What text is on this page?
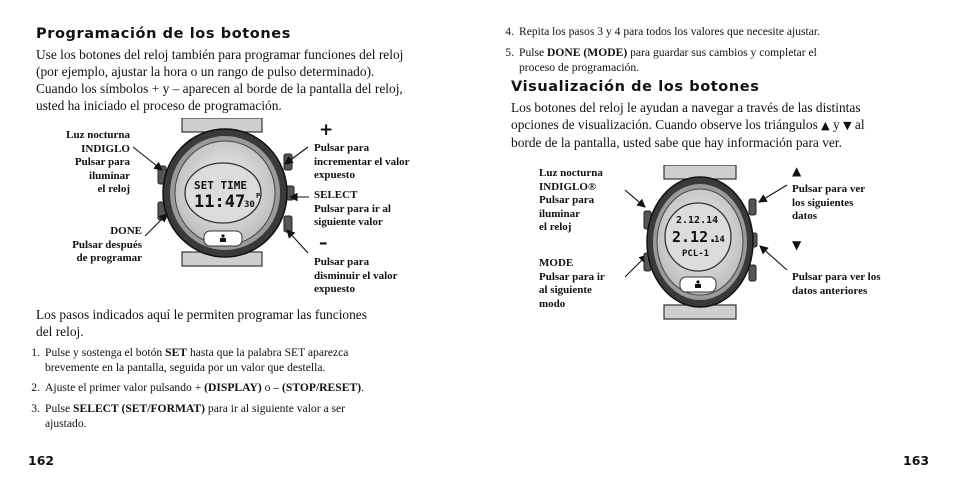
Programación de los botones
Use los botones del reloj también para programar funciones del reloj
(por ejemplo, ajustar la hora o un rango de pulso determinado).
Cuando los símbolos + y – aparecen al borde de la pantalla del reloj,
usted ha iniciado el proceso de programación.
Luz nocturna
INDIGLO
Pulsar para
iluminar
el reloj
DONE
Pulsar después
de programar
+
Pulsar para
incrementar el valor
expuesto
SELECT
Pulsar para ir al
siguiente valor
–
Pulsar para
disminuir el valor
expuesto
SET TIME
11:47
30
P
Los pasos indicados aquí le permiten programar las funciones
del reloj.
1. Pulse y sostenga el botón SET hasta que la palabra SET aparezca
brevemente en la pantalla, seguida por un valor que destella.
2. Ajuste el primer valor pulsando + (DISPLAY) o – (STOP/RESET).
3. Pulse SELECT (SET/FORMAT) para ir al siguiente valor a ser
ajustado.
162
4. Repita los pasos 3 y 4 para todos los valores que necesite ajustar.
5. Pulse DONE (MODE) para guardar sus cambios y completar el
proceso de programación.
Visualización de los botones
Los botones del reloj le ayudan a navegar a través de las distintas
opciones de visualización. Cuando observe los triángulos ▲ y ▼ al
borde de la pantalla, usted sabe que hay información para ver.
Luz nocturna
INDIGLO®
Pulsar para
iluminar
el reloj
MODE
Pulsar para ir
al siguiente
modo
▲
Pulsar para ver
los siguientes
datos
▼
Pulsar para ver los
datos anteriores
2.12.14
2.12.
14
PCL-1
163
